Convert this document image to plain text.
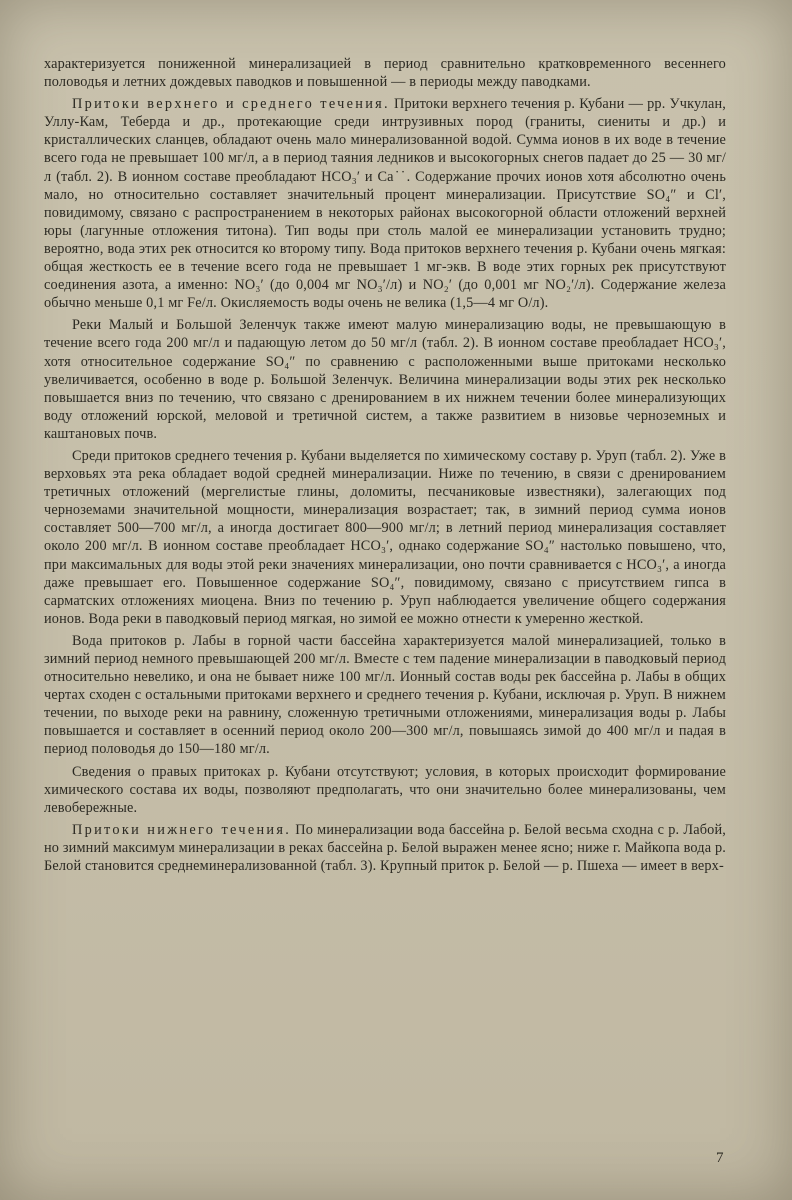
характеризуется пониженной минерализацией в период сравнительно кратковременного весеннего половодья и летних дождевых паводков и повышенной — в периоды между паводками.

Притоки верхнего и среднего течения. Притоки верхнего течения р. Кубани — рр. Учкулан, Уллу-Кам, Теберда и др., протекающие среди интрузивных пород (граниты, сиениты и др.) и кристаллических сланцев, обладают очень мало минерализованной водой. Сумма ионов в их воде в течение всего года не превышает 100 мг/л, а в период таяния ледников и высокогорных снегов падает до 25 — 30 мг/л (табл. 2). В ионном составе преобладают HCO₃′ и Ca˙˙. Содержание прочих ионов хотя абсолютно очень мало, но относительно составляет значительный процент минерализации. Присутствие SO₄″ и Cl′, повидимому, связано с распространением в некоторых районах высокогорной области отложений верхней юры (лагунные отложения титона). Тип воды при столь малой ее минерализации установить трудно; вероятно, вода этих рек относится ко второму типу. Вода притоков верхнего течения р. Кубани очень мягкая: общая жесткость ее в течение всего года не превышает 1 мг-экв. В воде этих горных рек присутствуют соединения азота, а именно: NO₃′ (до 0,004 мг NO₃′/л) и NO₂′ (до 0,001 мг NO₂′/л). Содержание железа обычно меньше 0,1 мг Fe/л. Окисляемость воды очень не велика (1,5—4 мг O/л).

Реки Малый и Большой Зеленчук также имеют малую минерализацию воды, не превышающую в течение всего года 200 мг/л и падающую летом до 50 мг/л (табл. 2). В ионном составе преобладает HCO₃′, хотя относительное содержание SO₄″ по сравнению с расположенными выше притоками несколько увеличивается, особенно в воде р. Большой Зеленчук. Величина минерализации воды этих рек несколько повышается вниз по течению, что связано с дренированием в их нижнем течении более минерализующих воду отложений юрской, меловой и третичной систем, а также развитием в низовье черноземных и каштановых почв.

Среди притоков среднего течения р. Кубани выделяется по химическому составу р. Уруп (табл. 2). Уже в верховьях эта река обладает водой средней минерализации. Ниже по течению, в связи с дренированием третичных отложений (мергелистые глины, доломиты, песчаниковые известняки), залегающих под черноземами значительной мощности, минерализация возрастает; так, в зимний период сумма ионов составляет 500—700 мг/л, а иногда достигает 800—900 мг/л; в летний период минерализация составляет около 200 мг/л. В ионном составе преобладает HCO₃′, однако содержание SO₄″ настолько повышено, что, при максимальных для воды этой реки значениях минерализации, оно почти сравнивается с HCO₃′, а иногда даже превышает его. Повышенное содержание SO₄″, повидимому, связано с присутствием гипса в сарматских отложениях миоцена. Вниз по течению р. Уруп наблюдается увеличение общего содержания ионов. Вода реки в паводковый период мягкая, но зимой ее можно отнести к умеренно жесткой.

Вода притоков р. Лабы в горной части бассейна характеризуется малой минерализацией, только в зимний период немного превышающей 200 мг/л. Вместе с тем падение минерализации в паводковый период относительно невелико, и она не бывает ниже 100 мг/л. Ионный состав воды рек бассейна р. Лабы в общих чертах сходен с остальными притоками верхнего и среднего течения р. Кубани, исключая р. Уруп. В нижнем течении, по выходе реки на равнину, сложенную третичными отложениями, минерализация воды р. Лабы повышается и составляет в осенний период около 200—300 мг/л, повышаясь зимой до 400 мг/л и падая в период половодья до 150—180 мг/л.

Сведения о правых притоках р. Кубани отсутствуют; условия, в которых происходит формирование химического состава их воды, позволяют предполагать, что они значительно более минерализованы, чем левобережные.

Притоки нижнего течения. По минерализации вода бассейна р. Белой весьма сходна с р. Лабой, но зимний максимум минерализации в реках бассейна р. Белой выражен менее ясно; ниже г. Майкопа вода р. Белой становится среднеминерализованной (табл. 3). Крупный приток р. Белой — р. Пшеха — имеет в верх-

7
